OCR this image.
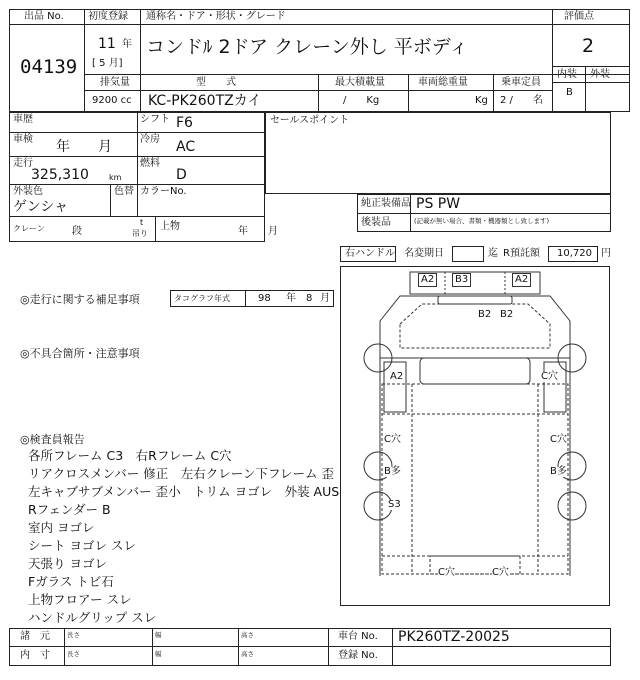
出品 No.
04139
初度登録
11 年
[ 5 月]
通称名・ドア・形状・グレード
コンドﾙ 2ドア クレーン外し 平ボディ
評価点
2
内装 外装
B
排気量
9200 cc
型　　式
KC-PK260TZカイ
最大積載量
/　　Kg
車両総重量
Kg
乗車定員
2 /　　名
車歴	シフト F6
車検 年　　月	冷房 AC
走行
325,310	km
燃料
D
外装色
ゲンシャ
色替 カラーNo.
クレーン	段
t
吊り
上物	年　　月
セールスポイント
純正装備品 PS PW
後装品	(記載が無い場合、書類・機器類とし致します)
右ハンドル 名変期日	迄 R預託額 10,720 円
◎走行に関する補足事項	タコグラフ年式	98 年 8 月
◎不具合箇所・注意事項
◎検査員報告
各所フレーム C3　右Rフレーム C穴
リアクロスメンバー 修正　左右クレーン下フレーム 歪
左キャブサブメンバー 歪小　トリム ヨゴレ　外装 AUS
Rフェンダー B
室内 ヨゴレ
シート ヨゴレ スレ
天張り ヨゴレ
Fガラス トビ石
上物フロアー スレ
ハンドルグリップ スレ
A2	B3	A2
B2 B2
A2	C穴
C穴	C穴
B多	B多
S3
C穴	C穴
諸　元	長さ	幅	高さ
内　寸	長さ	幅	高さ
車台 No. PK260TZ-20025
登録 No.
